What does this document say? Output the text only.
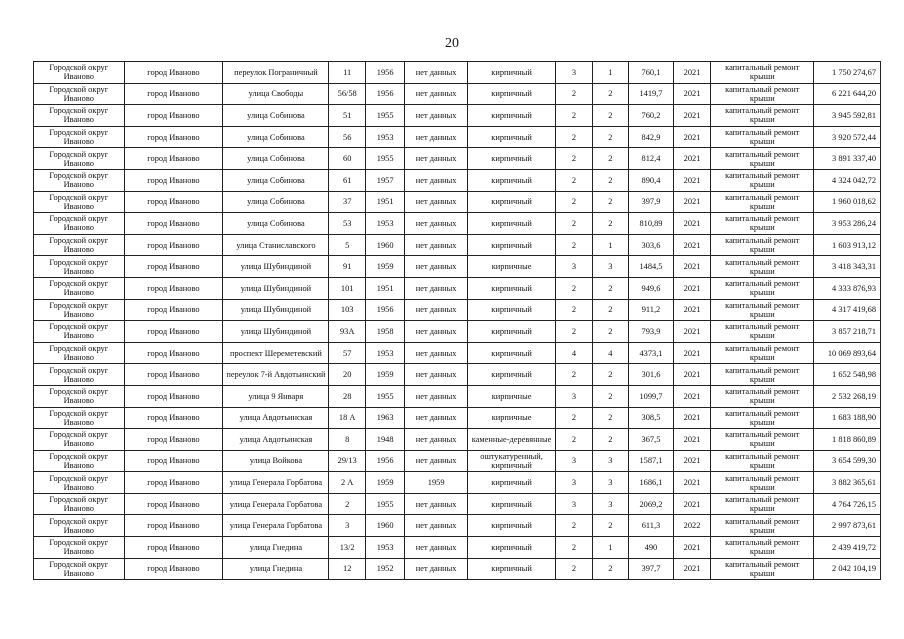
20
Городской округ Иваново	город Иваново	переулок Пограничный	11	1956	нет данных	кирпичный	3	1	760,1	2021	капитальный ремонт крыши	1 750 274,67
Городской округ Иваново	город Иваново	улица Свободы	56/58	1956	нет данных	кирпичный	2	2	1419,7	2021	капитальный ремонт крыши	6 221 644,20
Городской округ Иваново	город Иваново	улица Собинова	51	1955	нет данных	кирпичный	2	2	760,2	2021	капитальный ремонт крыши	3 945 592,81
Городской округ Иваново	город Иваново	улица Собинова	56	1953	нет данных	кирпичный	2	2	842,9	2021	капитальный ремонт крыши	3 920 572,44
Городской округ Иваново	город Иваново	улица Собинова	60	1955	нет данных	кирпичный	2	2	812,4	2021	капитальный ремонт крыши	3 891 337,40
Городской округ Иваново	город Иваново	улица Собинова	61	1957	нет данных	кирпичный	2	2	890,4	2021	капитальный ремонт крыши	4 324 042,72
Городской округ Иваново	город Иваново	улица Собинова	37	1951	нет данных	кирпичный	2	2	397,9	2021	капитальный ремонт крыши	1 960 018,62
Городской округ Иваново	город Иваново	улица Собинова	53	1953	нет данных	кирпичный	2	2	810,89	2021	капитальный ремонт крыши	3 953 286,24
Городской округ Иваново	город Иваново	улица Станиславского	5	1960	нет данных	кирпичный	2	1	303,6	2021	капитальный ремонт крыши	1 603 913,12
Городской округ Иваново	город Иваново	улица Шубиндиной	91	1959	нет данных	кирпичные	3	3	1484,5	2021	капитальный ремонт крыши	3 418 343,31
Городской округ Иваново	город Иваново	улица Шубиндиной	101	1951	нет данных	кирпичный	2	2	949,6	2021	капитальный ремонт крыши	4 333 876,93
Городской округ Иваново	город Иваново	улица Шубиндиной	103	1956	нет данных	кирпичный	2	2	911,2	2021	капитальный ремонт крыши	4 317 419,68
Городской округ Иваново	город Иваново	улица Шубиндиной	93А	1958	нет данных	кирпичный	2	2	793,9	2021	капитальный ремонт крыши	3 857 218,71
Городской округ Иваново	город Иваново	проспект Шереметевский	57	1953	нет данных	кирпичный	4	4	4373,1	2021	капитальный ремонт крыши	10 069 893,64
Городской округ Иваново	город Иваново	переулок 7-й Авдотьинский	20	1959	нет данных	кирпичный	2	2	301,6	2021	капитальный ремонт крыши	1 652 548,98
Городской округ Иваново	город Иваново	улица 9 Января	28	1955	нет данных	кирпичные	3	2	1099,7	2021	капитальный ремонт крыши	2 532 268,19
Городской округ Иваново	город Иваново	улица Авдотьинская	18 А	1963	нет данных	кирпичные	2	2	308,5	2021	капитальный ремонт крыши	1 683 188,90
Городской округ Иваново	город Иваново	улица Авдотьинская	8	1948	нет данных	каменные-деревянные	2	2	367,5	2021	капитальный ремонт крыши	1 818 860,89
Городской округ Иваново	город Иваново	улица Войкова	29/13	1956	нет данных	оштукатуренный, кирпичный	3	3	1587,1	2021	капитальный ремонт крыши	3 654 599,30
Городской округ Иваново	город Иваново	улица Генерала Горбатова	2 А	1959	1959	кирпичный	3	3	1686,1	2021	капитальный ремонт крыши	3 882 365,61
Городской округ Иваново	город Иваново	улица Генерала Горбатова	2	1955	нет данных	кирпичный	3	3	2069,2	2021	капитальный ремонт крыши	4 764 726,15
Городской округ Иваново	город Иваново	улица Генерала Горбатова	3	1960	нет данных	кирпичный	2	2	611,3	2022	капитальный ремонт крыши	2 997 873,61
Городской округ Иваново	город Иваново	улица Гнедина	13/2	1953	нет данных	кирпичный	2	1	490	2021	капитальный ремонт крыши	2 439 419,72
Городской округ Иваново	город Иваново	улица Гнедина	12	1952	нет данных	кирпичный	2	2	397,7	2021	капитальный ремонт крыши	2 042 104,19
